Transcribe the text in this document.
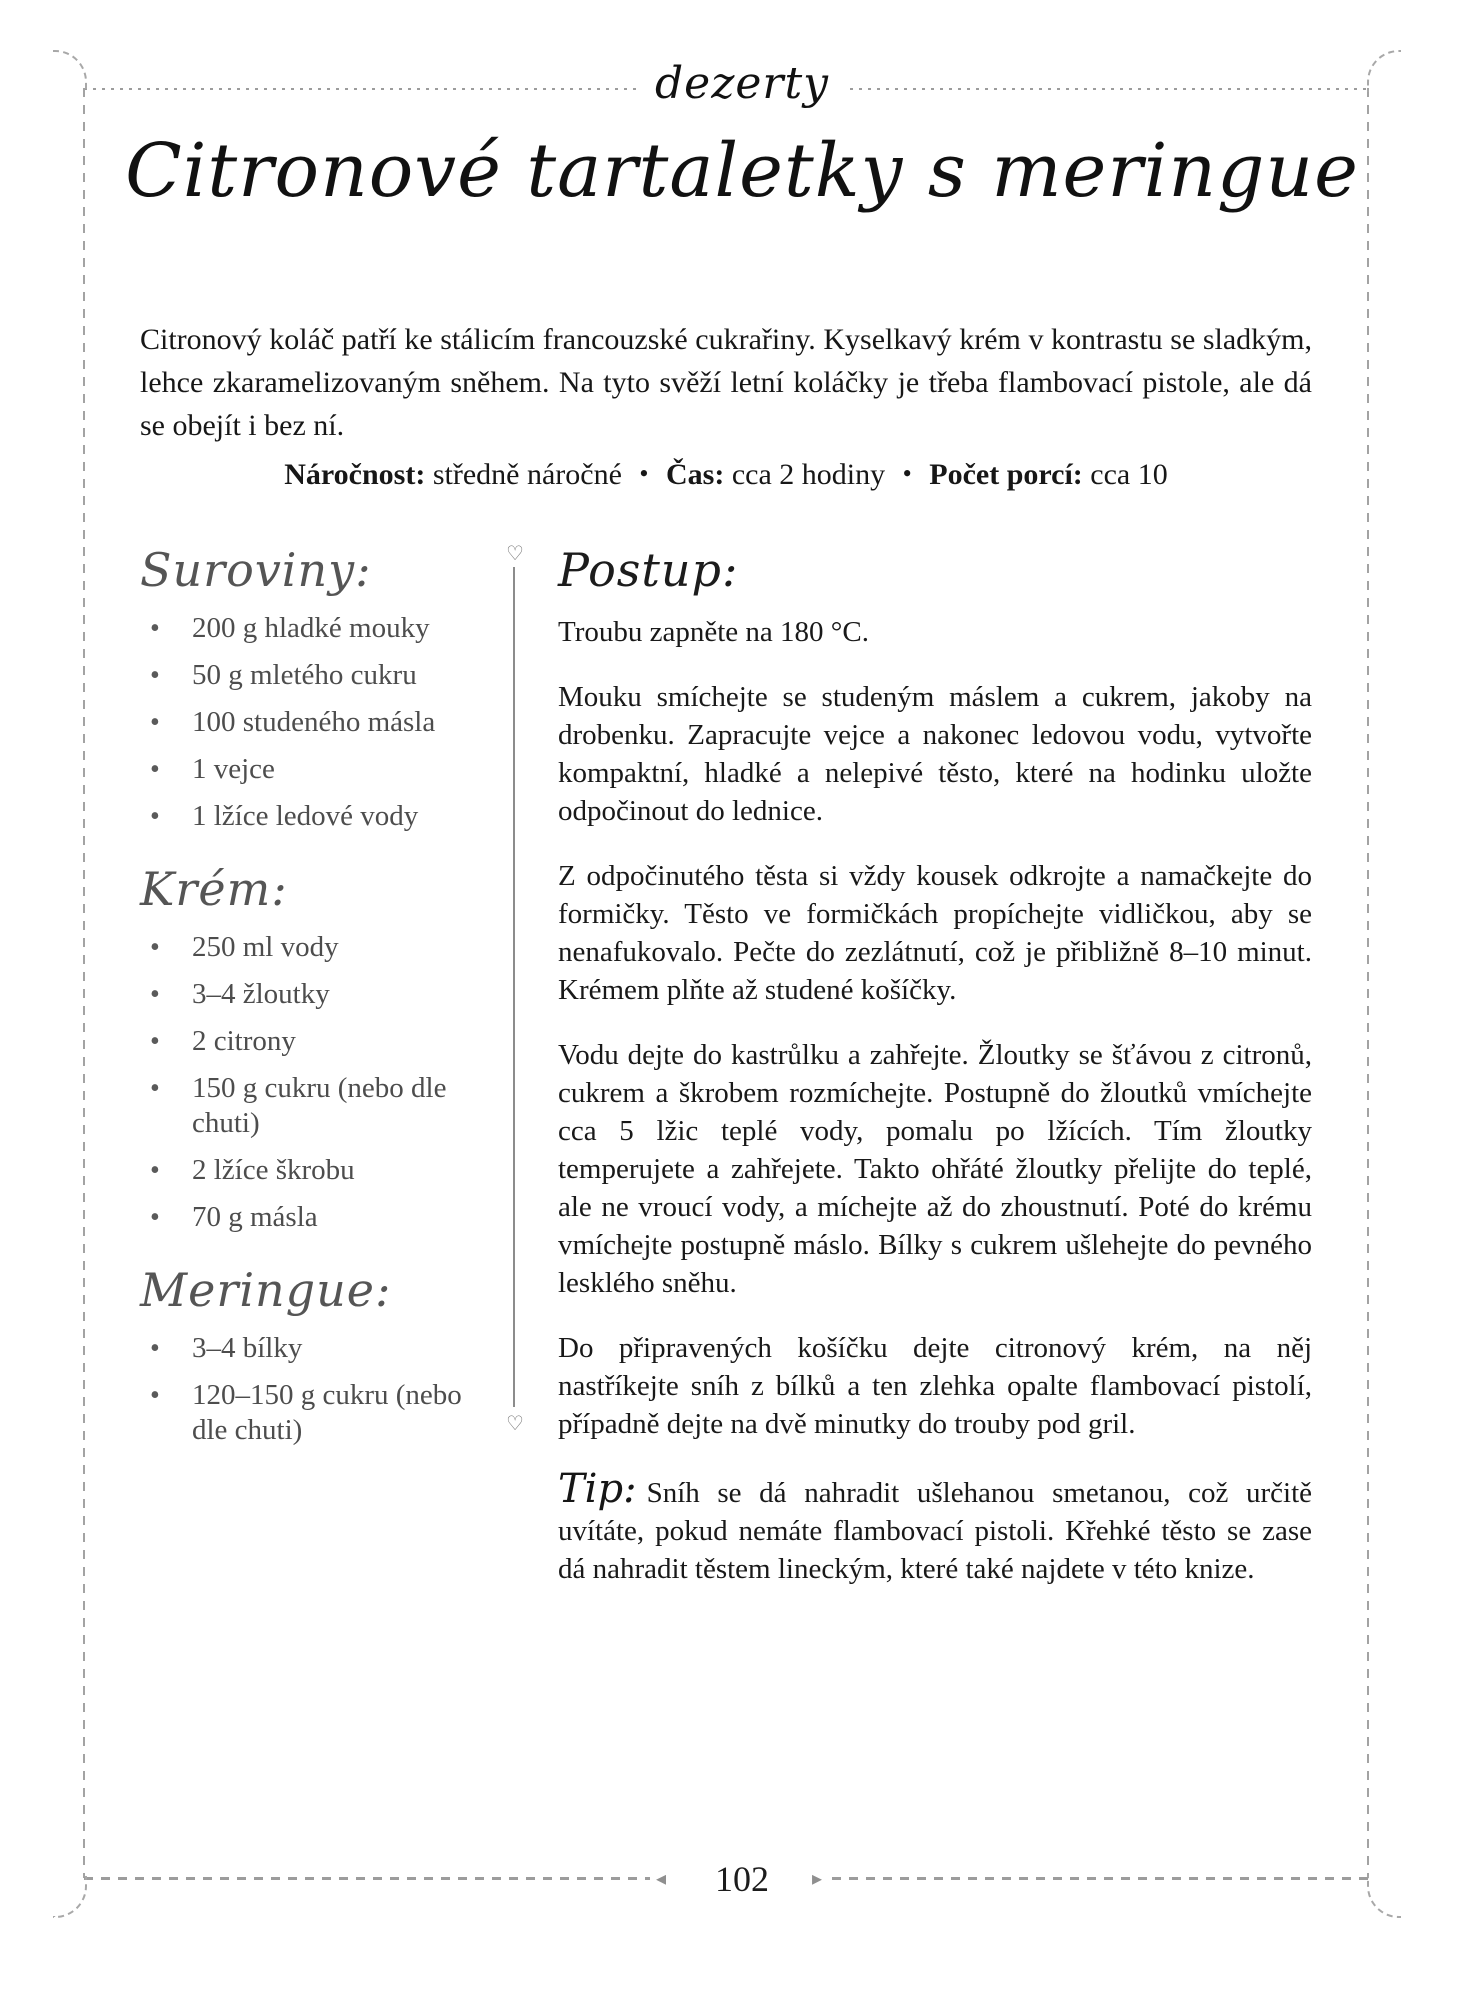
dezerty
Citronové tartaletky s meringue

Citronový koláč patří ke stálicím francouzské cukrařiny. Kyselkavý krém v kontrastu se sladkým, lehce zkaramelizovaným sněhem. Na tyto svěží letní koláčky je třeba flambovací pistole, ale dá se obejít i bez ní.

Náročnost: středně náročné • Čas: cca 2 hodiny • Počet porcí: cca 10
Suroviny:
• 200 g hladké mouky
• 50 g mletého cukru
• 100 studeného másla
• 1 vejce
• 1 lžíce ledové vody
Krém:
• 250 ml vody
• 3–4 žloutky
• 2 citrony
• 150 g cukru (nebo dle chuti)
• 2 lžíce škrobu
• 70 g másla
Meringue:
• 3–4 bílky
• 120–150 g cukru (nebo dle chuti)
♡
♡
Postup:

Troubu zapněte na 180 °C.

Mouku smíchejte se studeným máslem a cukrem, jakoby na drobenku. Zapracujte vejce a nakonec ledovou vodu, vytvořte kompaktní, hladké a nelepivé těsto, které na hodinku uložte odpočinout do lednice.

Z odpočinutého těsta si vždy kousek odkrojte a namačkejte do formičky. Těsto ve formičkách propíchejte vidličkou, aby se nenafukovalo. Pečte do zezlátnutí, což je přibližně 8–10 minut. Krémem plňte až studené košíčky.

Vodu dejte do kastrůlku a zahřejte. Žloutky se šťávou z citronů, cukrem a škrobem rozmíchejte. Postupně do žloutků vmíchejte cca 5 lžic teplé vody, pomalu po lžících. Tím žloutky temperujete a zahřejete. Takto ohřáté žloutky přelijte do teplé, ale ne vroucí vody, a míchejte až do zhoustnutí. Poté do krému vmíchejte postupně máslo. Bílky s cukrem ušlehejte do pevného lesklého sněhu.

Do připravených košíčku dejte citronový krém, na něj nastříkejte sníh z bílků a ten zlehka opalte flambovací pistolí, případně dejte na dvě minutky do trouby pod gril.

Tip: Sníh se dá nahradit ušlehanou smetanou, což určitě uvítáte, pokud nemáte flambovací pistoli. Křehké těsto se zase dá nahradit těstem lineckým, které také najdete v této knize.

◂	102	▸
